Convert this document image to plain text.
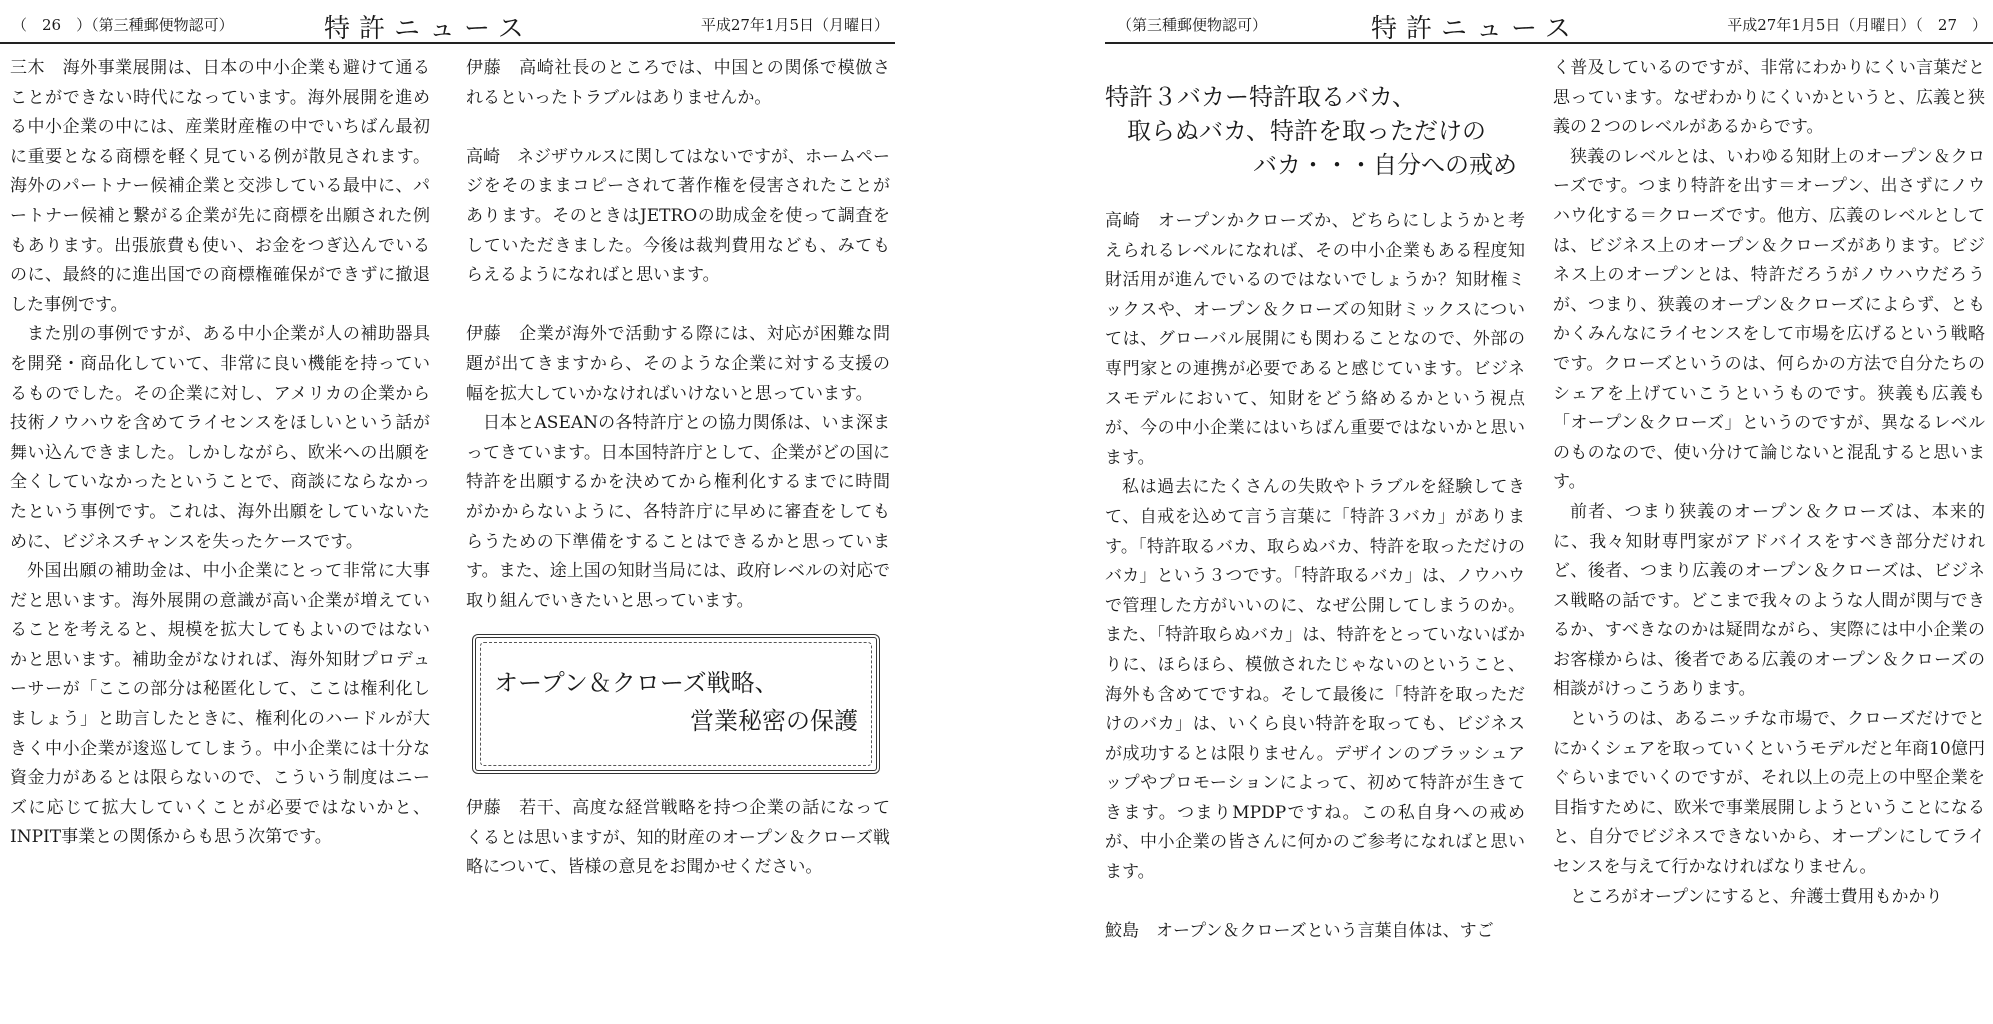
（　26　）（第三種郵便物認可）	特許ニュース	平成27年1月5日（月曜日）

三木　海外事業展開は、日本の中小企業も避けて通ることができない時代になっています。海外展開を進める中小企業の中には、産業財産権の中でいちばん最初に重要となる商標を軽く見ている例が散見されます。海外のパートナー候補企業と交渉している最中に、パートナー候補と繋がる企業が先に商標を出願された例もあります。出張旅費も使い、お金をつぎ込んでいるのに、最終的に進出国での商標権確保ができずに撤退した事例です。

また別の事例ですが、ある中小企業が人の補助器具を開発・商品化していて、非常に良い機能を持っているものでした。その企業に対し、アメリカの企業から技術ノウハウを含めてライセンスをほしいという話が舞い込んできました。しかしながら、欧米への出願を全くしていなかったということで、商談にならなかったという事例です。これは、海外出願をしていないために、ビジネスチャンスを失ったケースです。

外国出願の補助金は、中小企業にとって非常に大事だと思います。海外展開の意識が高い企業が増えていることを考えると、規模を拡大してもよいのではないかと思います。補助金がなければ、海外知財プロデューサーが「ここの部分は秘匿化して、ここは権利化しましょう」と助言したときに、権利化のハードルが大きく中小企業が逡巡してしまう。中小企業には十分な資金力があるとは限らないので、こういう制度はニーズに応じて拡大していくことが必要ではないかと、INPIT事業との関係からも思う次第です。

伊藤　高崎社長のところでは、中国との関係で模倣されるといったトラブルはありませんか。

高崎　ネジザウルスに関してはないですが、ホームページをそのままコピーされて著作権を侵害されたことがあります。そのときはJETROの助成金を使って調査をしていただきました。今後は裁判費用なども、みてもらえるようになればと思います。

伊藤　企業が海外で活動する際には、対応が困難な問題が出てきますから、そのような企業に対する支援の幅を拡大していかなければいけないと思っています。

日本とASEANの各特許庁との協力関係は、いま深まってきています。日本国特許庁として、企業がどの国に特許を出願するかを決めてから権利化するまでに時間がかからないように、各特許庁に早めに審査をしてもらうための下準備をすることはできるかと思っています。また、途上国の知財当局には、政府レベルの対応で取り組んでいきたいと思っています。

オープン＆クローズ戦略、
営業秘密の保護

伊藤　若干、高度な経営戦略を持つ企業の話になってくるとは思いますが、知的財産のオープン＆クローズ戦略について、皆様の意見をお聞かせください。

（第三種郵便物認可）	特許ニュース	平成27年1月5日（月曜日）（　27　）
特許３バカー特許取るバカ、
取らぬバカ、特許を取っただけの
バカ・・・自分への戒め

高崎　オープンかクローズか、どちらにしようかと考えられるレベルになれば、その中小企業もある程度知財活用が進んでいるのではないでしょうか？知財権ミックスや、オープン＆クローズの知財ミックスについては、グローバル展開にも関わることなので、外部の専門家との連携が必要であると感じています。ビジネスモデルにおいて、知財をどう絡めるかという視点が、今の中小企業にはいちばん重要ではないかと思います。

私は過去にたくさんの失敗やトラブルを経験してきて、自戒を込めて言う言葉に「特許３バカ」があります。「特許取るバカ、取らぬバカ、特許を取っただけのバカ」という３つです。「特許取るバカ」は、ノウハウで管理した方がいいのに、なぜ公開してしまうのか。また、「特許取らぬバカ」は、特許をとっていないばかりに、ほらほら、模倣されたじゃないのということ、海外も含めてですね。そして最後に「特許を取っただけのバカ」は、いくら良い特許を取っても、ビジネスが成功するとは限りません。デザインのブラッシュアップやプロモーションによって、初めて特許が生きてきます。つまりMPDPですね。この私自身への戒めが、中小企業の皆さんに何かのご参考になればと思います。

鮫島　オープン＆クローズという言葉自体は、すご

く普及しているのですが、非常にわかりにくい言葉だと思っています。なぜわかりにくいかというと、広義と狭義の２つのレベルがあるからです。

狭義のレベルとは、いわゆる知財上のオープン＆クローズです。つまり特許を出す＝オープン、出さずにノウハウ化する＝クローズです。他方、広義のレベルとしては、ビジネス上のオープン＆クローズがあります。ビジネス上のオープンとは、特許だろうがノウハウだろうが、つまり、狭義のオープン＆クローズによらず、ともかくみんなにライセンスをして市場を広げるという戦略です。クローズというのは、何らかの方法で自分たちのシェアを上げていこうというものです。狭義も広義も「オープン＆クローズ」というのですが、異なるレベルのものなので、使い分けて論じないと混乱すると思います。

前者、つまり狭義のオープン＆クローズは、本来的に、我々知財専門家がアドバイスをすべき部分だけれど、後者、つまり広義のオープン＆クローズは、ビジネス戦略の話です。どこまで我々のような人間が関与できるか、すべきなのかは疑問ながら、実際には中小企業のお客様からは、後者である広義のオープン＆クローズの相談がけっこうあります。

というのは、あるニッチな市場で、クローズだけでとにかくシェアを取っていくというモデルだと年商10億円ぐらいまでいくのですが、それ以上の売上の中堅企業を目指すために、欧米で事業展開しようということになると、自分でビジネスできないから、オープンにしてライセンスを与えて行かなければなりません。

ところがオープンにすると、弁護士費用もかかり
